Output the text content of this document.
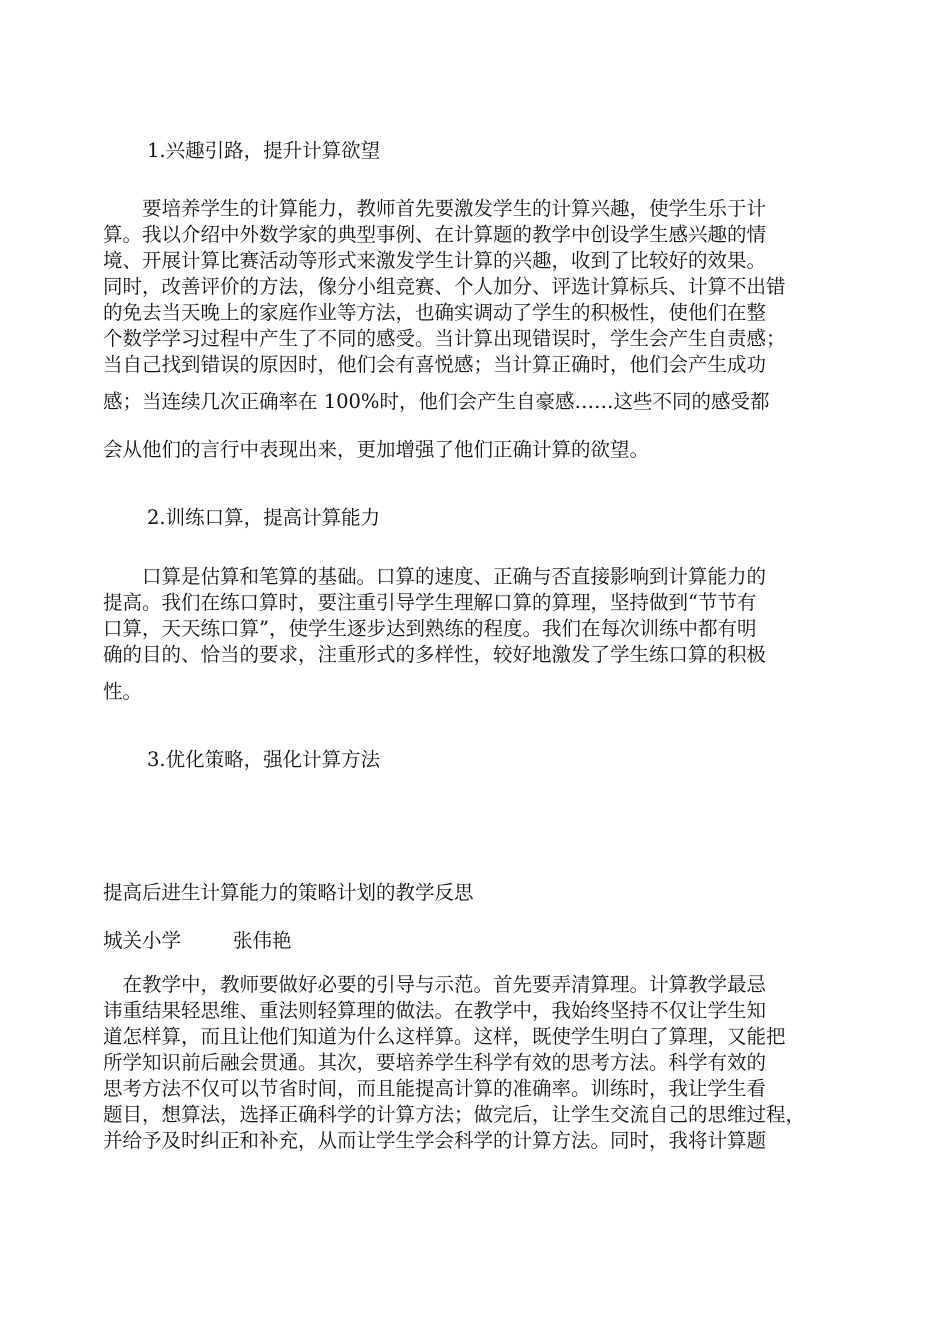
1.兴趣引路，提升计算欲望
　　要培养学生的计算能力，教师首先要激发学生的计算兴趣，使学生乐于计
算。我以介绍中外数学家的典型事例、在计算题的教学中创设学生感兴趣的情
境、开展计算比赛活动等形式来激发学生计算的兴趣，收到了比较好的效果。
同时，改善评价的方法，像分小组竞赛、个人加分、评选计算标兵、计算不出错
的免去当天晚上的家庭作业等方法，也确实调动了学生的积极性，使他们在整
个数学学习过程中产生了不同的感受。当计算出现错误时，学生会产生自责感；
当自己找到错误的原因时，他们会有喜悦感；当计算正确时，他们会产生成功
感；当连续几次正确率在 100%时，他们会产生自豪感……这些不同的感受都
会从他们的言行中表现出来，更加增强了他们正确计算的欲望。
2.训练口算，提高计算能力
　　口算是估算和笔算的基础。口算的速度、正确与否直接影响到计算能力的
提高。我们在练口算时，要注重引导学生理解口算的算理，坚持做到“节节有
口算，天天练口算”，使学生逐步达到熟练的程度。我们在每次训练中都有明
确的目的、恰当的要求，注重形式的多样性，较好地激发了学生练口算的积极
性。
3.优化策略，强化计算方法
提高后进生计算能力的策略计划的教学反思
城关小学	张伟艳
　在教学中，教师要做好必要的引导与示范。首先要弄清算理。计算教学最忌
讳重结果轻思维、重法则轻算理的做法。在教学中，我始终坚持不仅让学生知
道怎样算，而且让他们知道为什么这样算。这样，既使学生明白了算理，又能把
所学知识前后融会贯通。其次，要培养学生科学有效的思考方法。科学有效的
思考方法不仅可以节省时间，而且能提高计算的准确率。训练时，我让学生看
题目，想算法，选择正确科学的计算方法；做完后，让学生交流自己的思维过程，
并给予及时纠正和补充，从而让学生学会科学的计算方法。同时，我将计算题
